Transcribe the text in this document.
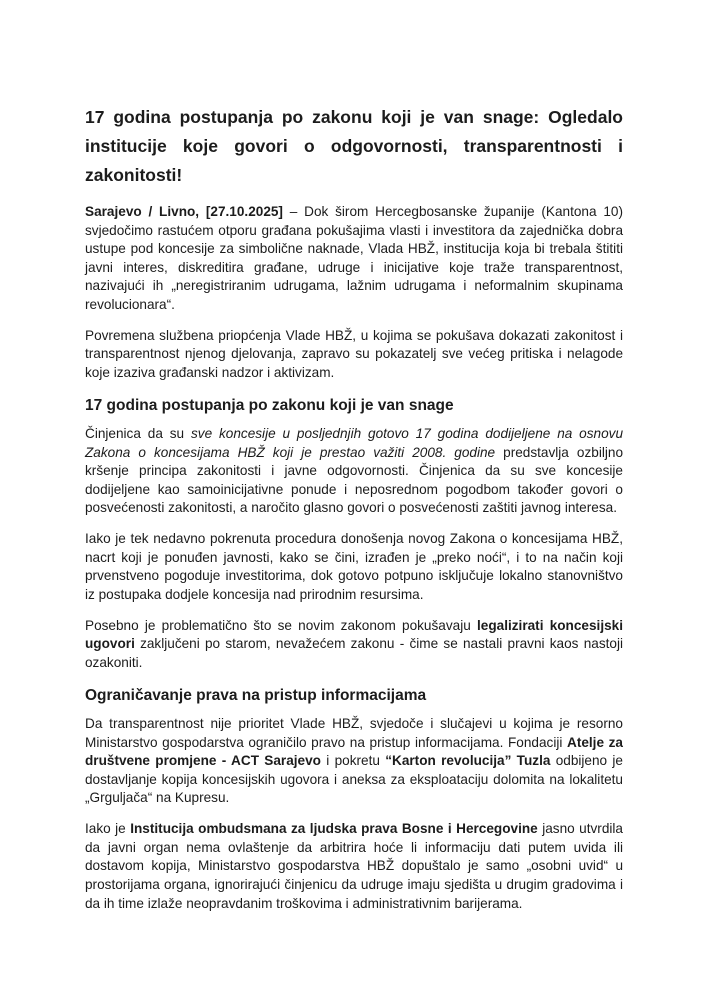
17 godina postupanja po zakonu koji je van snage: Ogledalo institucije koje govori o odgovornosti, transparentnosti i zakonitosti!

Sarajevo / Livno, [27.10.2025] – Dok širom Hercegbosanske županije (Kantona 10) svjedočimo rastućem otporu građana pokušajima vlasti i investitora da zajednička dobra ustupe pod koncesije za simbolične naknade, Vlada HBŽ, institucija koja bi trebala štititi javni interes, diskreditira građane, udruge i inicijative koje traže transparentnost, nazivajući ih „neregistriranim udrugama, lažnim udrugama i neformalnim skupinama revolucionara“.

Povremena službena priopćenja Vlade HBŽ, u kojima se pokušava dokazati zakonitost i transparentnost njenog djelovanja, zapravo su pokazatelj sve većeg pritiska i nelagode koje izaziva građanski nadzor i aktivizam.

17 godina postupanja po zakonu koji je van snage

Činjenica da su sve koncesije u posljednjih gotovo 17 godina dodijeljene na osnovu Zakona o koncesijama HBŽ koji je prestao važiti 2008. godine predstavlja ozbiljno kršenje principa zakonitosti i javne odgovornosti. Činjenica da su sve koncesije dodijeljene kao samoinicijativne ponude i neposrednom pogodbom također govori o posvećenosti zakonitosti, a naročito glasno govori o posvećenosti zaštiti javnog interesa.

Iako je tek nedavno pokrenuta procedura donošenja novog Zakona o koncesijama HBŽ, nacrt koji je ponuđen javnosti, kako se čini, izrađen je „preko noći“, i to na način koji prvenstveno pogoduje investitorima, dok gotovo potpuno isključuje lokalno stanovništvo iz postupaka dodjele koncesija nad prirodnim resursima.

Posebno je problematično što se novim zakonom pokušavaju legalizirati koncesijski ugovori zaključeni po starom, nevažećem zakonu - čime se nastali pravni kaos nastoji ozakoniti.

Ograničavanje prava na pristup informacijama

Da transparentnost nije prioritet Vlade HBŽ, svjedoče i slučajevi u kojima je resorno Ministarstvo gospodarstva ograničilo pravo na pristup informacijama. Fondaciji Atelje za društvene promjene - ACT Sarajevo i pokretu “Karton revolucija” Tuzla odbijeno je dostavljanje kopija koncesijskih ugovora i aneksa za eksploataciju dolomita na lokalitetu „Grguljača“ na Kupresu.

Iako je Institucija ombudsmana za ljudska prava Bosne i Hercegovine jasno utvrdila da javni organ nema ovlaštenje da arbitrira hoće li informaciju dati putem uvida ili dostavom kopija, Ministarstvo gospodarstva HBŽ dopuštalo je samo „osobni uvid“ u prostorijama organa, ignorirajući činjenicu da udruge imaju sjedišta u drugim gradovima i da ih time izlaže neopravdanim troškovima i administrativnim barijerama.
